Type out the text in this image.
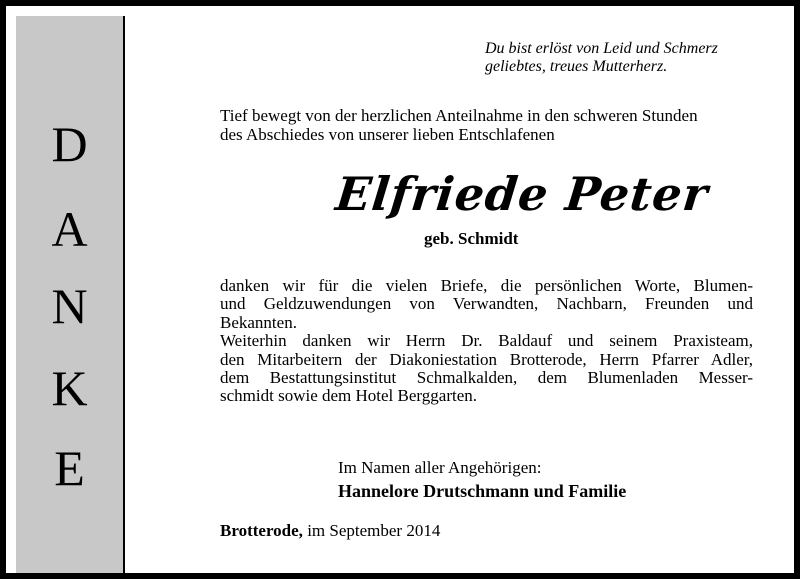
D
A
N
K
E
Du bist erlöst von Leid und Schmerz
geliebtes, treues Mutterherz.
Tief bewegt von der herzlichen Anteilnahme in den schweren Stunden
des Abschiedes von unserer lieben Entschlafenen
Elfriede Peter
geb. Schmidt
danken wir für die vielen Briefe, die persönlichen Worte, Blumen-
und Geldzuwendungen von Verwandten, Nachbarn, Freunden und
Bekannten.
Weiterhin danken wir Herrn Dr. Baldauf und seinem Praxisteam,
den Mitarbeitern der Diakoniestation Brotterode, Herrn Pfarrer Adler,
dem Bestattungsinstitut Schmalkalden, dem Blumenladen Messer-
schmidt sowie dem Hotel Berggarten.
Im Namen aller Angehörigen:
Hannelore Drutschmann und Familie
Brotterode, im September 2014
